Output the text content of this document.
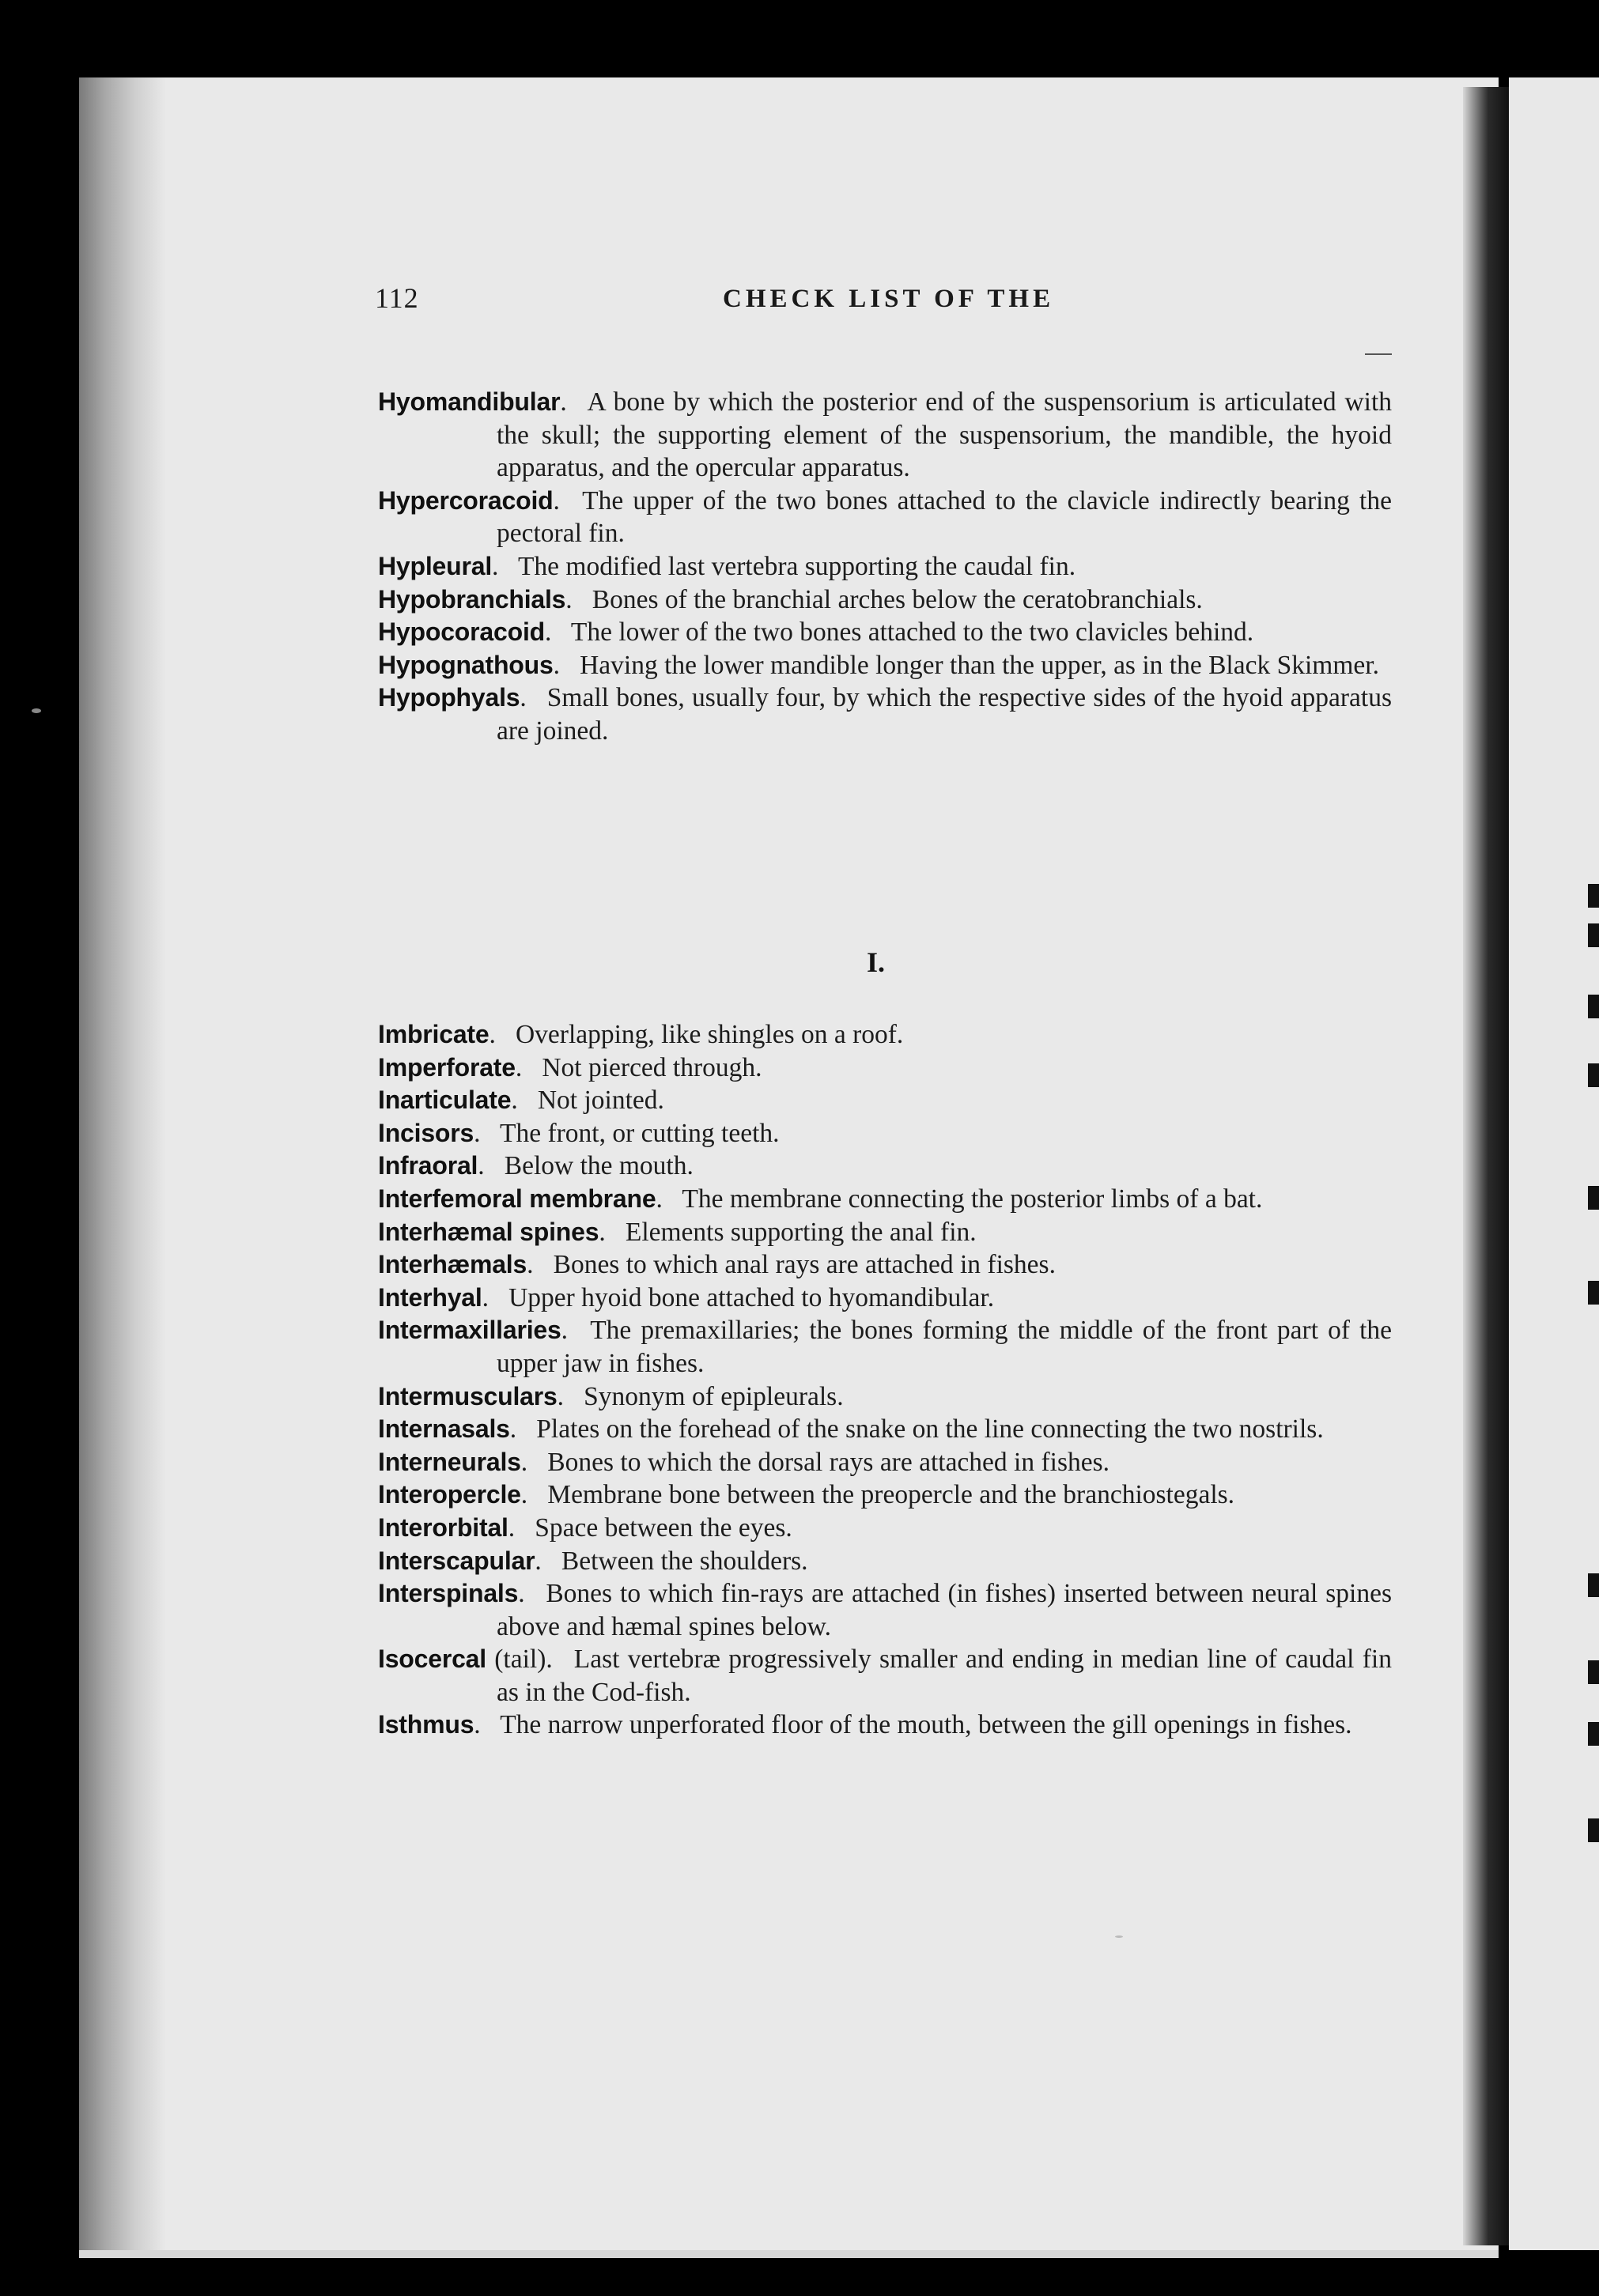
112	CHECK LIST OF THE

Hyomandibular.  A bone by which the posterior end of the suspensorium is articulated with the skull; the supporting element of the suspensorium, the mandible, the hyoid apparatus, and the opercular apparatus.

Hypercoracoid.  The upper of the two bones attached to the clavicle indirectly bearing the pectoral fin.

Hypleural.  The modified last vertebra supporting the caudal fin.

Hypobranchials.  Bones of the branchial arches below the ceratobranchials.

Hypocoracoid.  The lower of the two bones attached to the two clavicles behind.

Hypognathous.  Having the lower mandible longer than the upper, as in the Black Skimmer.

Hypophyals.  Small bones, usually four, by which the respective sides of the hyoid apparatus are joined.

I.

Imbricate.  Overlapping, like shingles on a roof.

Imperforate.  Not pierced through.

Inarticulate.  Not jointed.

Incisors.  The front, or cutting teeth.

Infraoral.  Below the mouth.

Interfemoral membrane.  The membrane connecting the posterior limbs of a bat.

Interhæmal spines.  Elements supporting the anal fin.

Interhæmals.  Bones to which anal rays are attached in fishes.

Interhyal.  Upper hyoid bone attached to hyomandibular.

Intermaxillaries.  The premaxillaries; the bones forming the middle of the front part of the upper jaw in fishes.

Intermusculars.  Synonym of epipleurals.

Internasals.  Plates on the forehead of the snake on the line connecting the two nostrils.

Interneurals.  Bones to which the dorsal rays are attached in fishes.

Interopercle.  Membrane bone between the preopercle and the branchiostegals.

Interorbital.  Space between the eyes.

Interscapular.  Between the shoulders.

Interspinals.  Bones to which fin-rays are attached (in fishes) inserted between neural spines above and hæmal spines below.

Isocercal (tail).  Last vertebræ progressively smaller and ending in median line of caudal fin as in the Cod-fish.

Isthmus.  The narrow unperforated floor of the mouth, between the gill openings in fishes.
